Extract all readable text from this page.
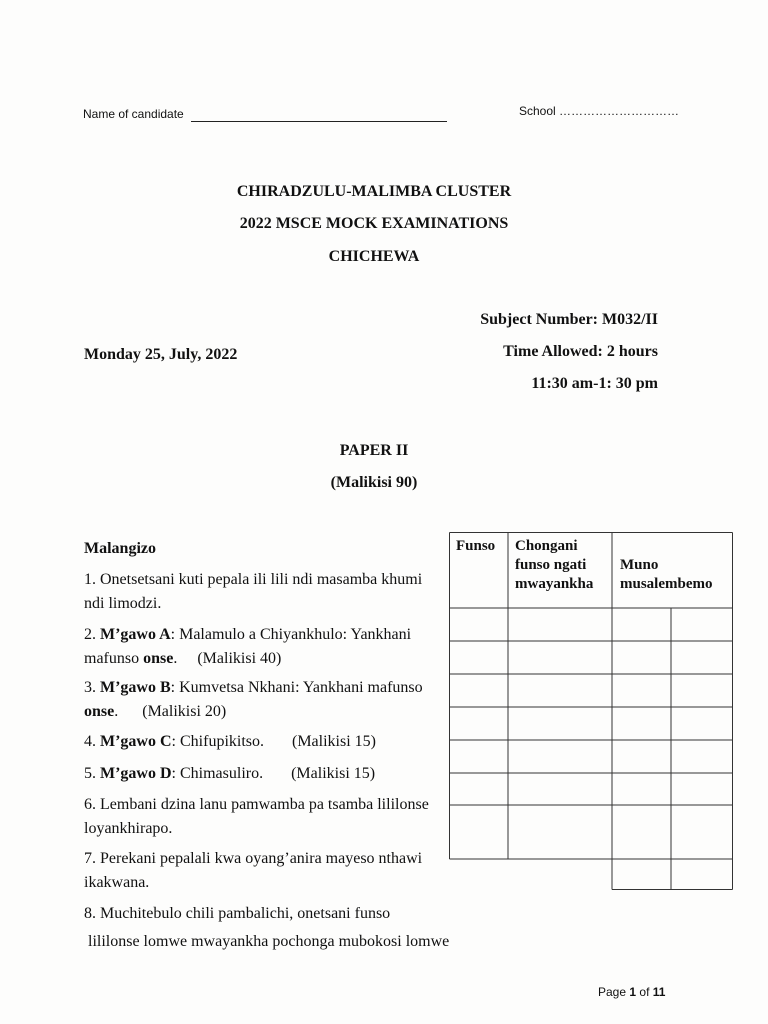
Name of candidate	School …………………………
CHIRADZULU-MALIMBA CLUSTER
2022 MSCE MOCK EXAMINATIONS
CHICHEWA
Subject Number: M032/II
Time Allowed: 2 hours
11:30 am-1: 30 pm
Monday 25, July, 2022
PAPER II
(Malikisi 90)
Malangizo
1. Onetsetsani kuti pepala ili lili ndi masamba khumi ndi limodzi.
2. M’gawo A: Malamulo a Chiyankhulo: Yankhani mafunso onse.     (Malikisi 40)
3. M’gawo B: Kumvetsa Nkhani: Yankhani mafunso onse.      (Malikisi 20)
4. M’gawo C: Chifupikitso.       (Malikisi 15)
5. M’gawo D: Chimasuliro.       (Malikisi 15)
6. Lembani dzina lanu pamwamba pa tsamba lililonse loyankhirapo.
7. Perekani pepalali kwa oyang’anira mayeso nthawi ikakwana.
8. Muchitebulo chili pambalichi, onetsani funso
lililonse lomwe mwayankha pochonga mubokosi lomwe
Funso Chongani
funso ngati
mwayankha
Muno
musalembemo
Page 1 of 11
